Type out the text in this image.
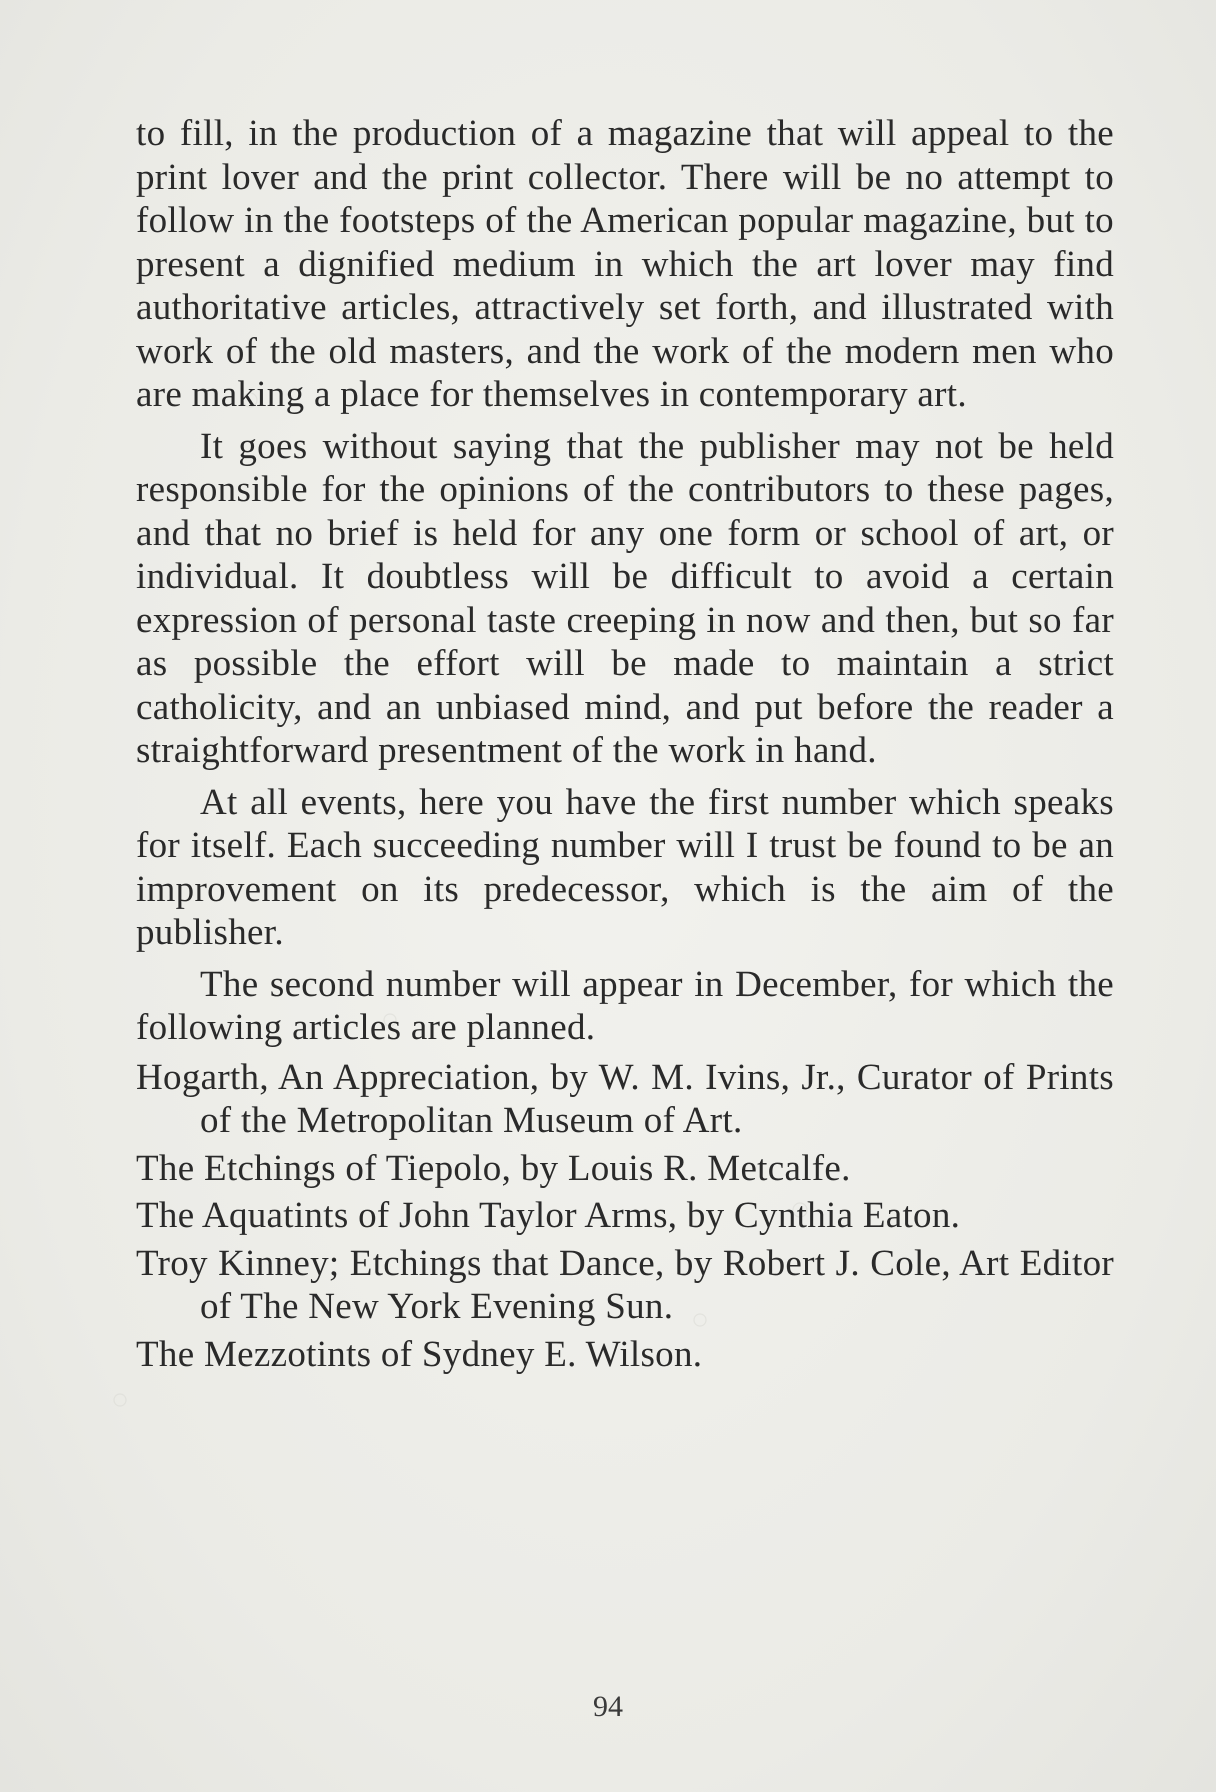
to fill, in the production of a magazine that will appeal to the print lover and the print collector. There will be no attempt to follow in the footsteps of the American popular magazine, but to present a dignified medium in which the art lover may find authoritative articles, attractively set forth, and illustrated with work of the old masters, and the work of the modern men who are making a place for themselves in contemporary art.

It goes without saying that the publisher may not be held responsible for the opinions of the contributors to these pages, and that no brief is held for any one form or school of art, or individual. It doubtless will be difficult to avoid a certain expression of personal taste creeping in now and then, but so far as possible the effort will be made to maintain a strict catholicity, and an unbiased mind, and put before the reader a straightforward presentment of the work in hand.

At all events, here you have the first number which speaks for itself. Each succeeding number will I trust be found to be an improvement on its predecessor, which is the aim of the publisher.

The second number will appear in December, for which the following articles are planned.

Hogarth, An Appreciation, by W. M. Ivins, Jr., Curator of Prints of the Metropolitan Museum of Art.
The Etchings of Tiepolo, by Louis R. Metcalfe.
The Aquatints of John Taylor Arms, by Cynthia Eaton.
Troy Kinney; Etchings that Dance, by Robert J. Cole, Art Editor of The New York Evening Sun.
The Mezzotints of Sydney E. Wilson.
94
